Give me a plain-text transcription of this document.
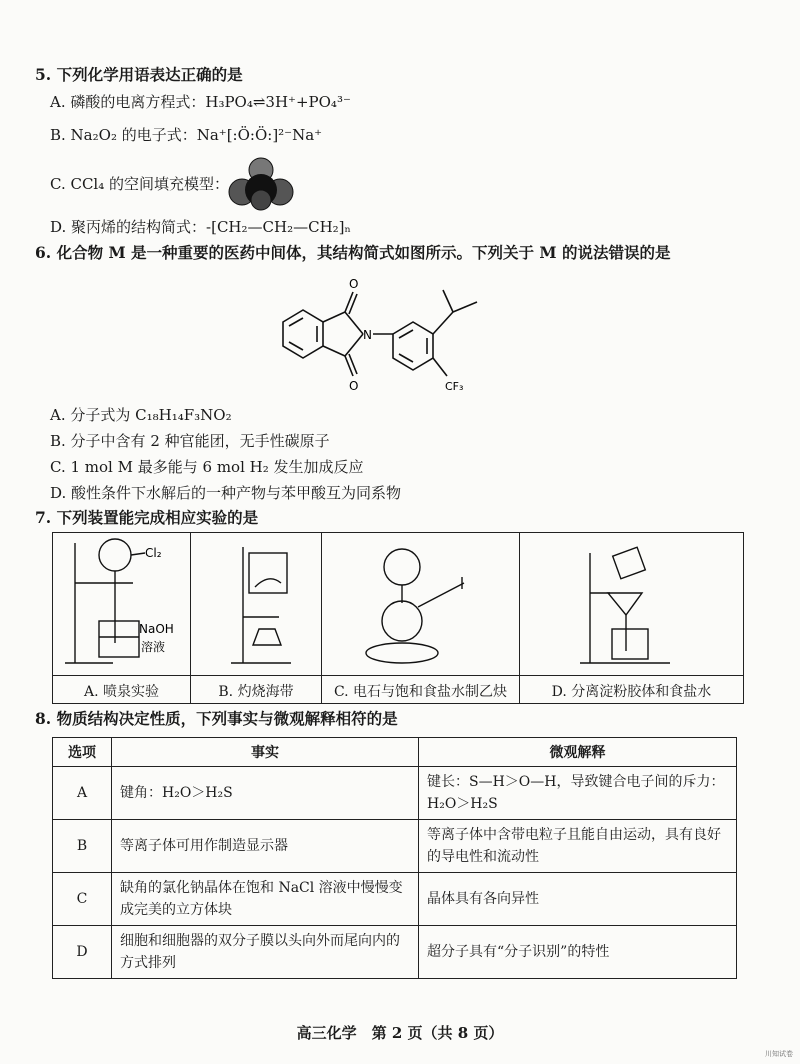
5. 下列化学用语表达正确的是
A. 磷酸的电离方程式：H₃PO₄⇌3H⁺+PO₄³⁻
B. Na₂O₂ 的电子式：Na⁺[:Ö:Ö:]²⁻Na⁺
C. CCl₄ 的空间填充模型：
D. 聚丙烯的结构简式：-[CH₂—CH₂—CH₂]ₙ
6. 化合物 M 是一种重要的医药中间体，其结构简式如图所示。下列关于 M 的说法错误的是
O
O
N
CF₃
A. 分子式为 C₁₈H₁₄F₃NO₂
B. 分子中含有 2 种官能团，无手性碳原子
C. 1 mol M 最多能与 6 mol H₂ 发生加成反应
D. 酸性条件下水解后的一种产物与苯甲酸互为同系物
7. 下列装置能完成相应实验的是
Cl₂
NaOH
溶液
A. 喷泉实验	B. 灼烧海带	C. 电石与饱和食盐水制乙炔	D. 分离淀粉胶体和食盐水
8. 物质结构决定性质，下列事实与微观解释相符的是
选项	事实	微观解释
A	键角：H₂O＞H₂S	键长：S—H＞O—H，导致键合电子间的斥力：H₂O＞H₂S
B	等离子体可用作制造显示器	等离子体中含带电粒子且能自由运动，具有良好的导电性和流动性
C	缺角的氯化钠晶体在饱和 NaCl 溶液中慢慢变成完美的立方体块	晶体具有各向异性
D	细胞和细胞器的双分子膜以头向外而尾向内的方式排列	超分子具有“分子识别”的特性
高三化学　第 2 页（共 8 页）
川知试卷
